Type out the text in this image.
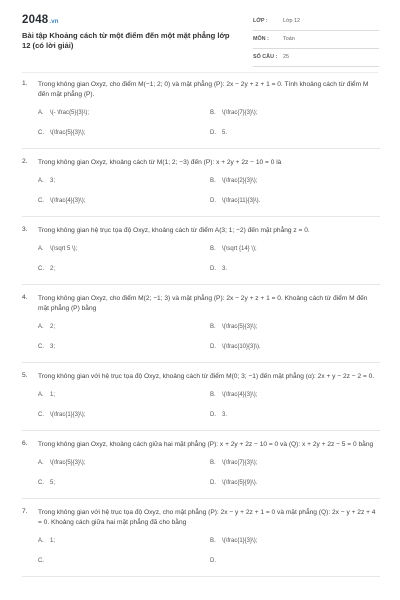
2048.vn
Bài tập Khoảng cách từ một điểm đến một mặt phẳng lớp 12 (có lời giải)
LỚP :	Lớp 12
MÔN :	Toán
SỐ CÂU : 25
1. Trong không gian Oxyz, cho điểm M(−1; 2; 0) và mặt phẳng (P): 2x − 2y + z + 1 = 0. Tính khoảng cách từ điểm M đến mặt phẳng (P).
A. \(- \frac{5}{3}\);	B. \(\frac{7}{3}\);
C. \(\frac{5}{3}\);	D. 5.
2. Trong không gian Oxyz, khoảng cách từ M(1; 2; −3) đến (P): x + 2y + 2z − 10 = 0 là
A. 3;	B. \(\frac{2}{3}\);
C. \(\frac{4}{3}\);	D. \(\frac{11}{3}\).
3. Trong không gian hệ trục tọa độ Oxyz, khoảng cách từ điểm A(3; 1; −2) đến mặt phẳng z = 0.
A. \(\sqrt 5 \);	B. \(\sqrt {14} \);
C. 2;	D. 3.
4. Trong không gian Oxyz, cho điểm M(2; −1; 3) và mặt phẳng (P): 2x − 2y + z + 1 = 0. Khoảng cách từ điểm M đến mặt phẳng (P) bằng
A. 2;	B. \(\frac{5}{3}\);
C. 3;	D. \(\frac{10}{3}\).
5. Trong không gian với hệ trục tọa độ Oxyz, khoảng cách từ điểm M(0; 3; −1) đến mặt phẳng (α): 2x + y − 2z − 2 = 0.
A. 1;	B. \(\frac{4}{3}\);
C. \(\frac{1}{3}\);	D. 3.
6. Trong không gian Oxyz, khoảng cách giữa hai mặt phẳng (P): x + 2y + 2z − 10 = 0 và (Q): x + 2y + 2z − 5 = 0 bằng
A. \(\frac{5}{3}\);	B. \(\frac{7}{3}\);
C. 5;	D. \(\frac{5}{9}\).
7. Trong không gian với hệ trục tọa độ Oxyz, cho mặt phẳng (P): 2x − y + 2z + 1 = 0 và mặt phẳng (Q): 2x − y + 2z + 4 = 0. Khoảng cách giữa hai mặt phẳng đã cho bằng
A. 1;	B. \(\frac{1}{3}\);
C.	D.
